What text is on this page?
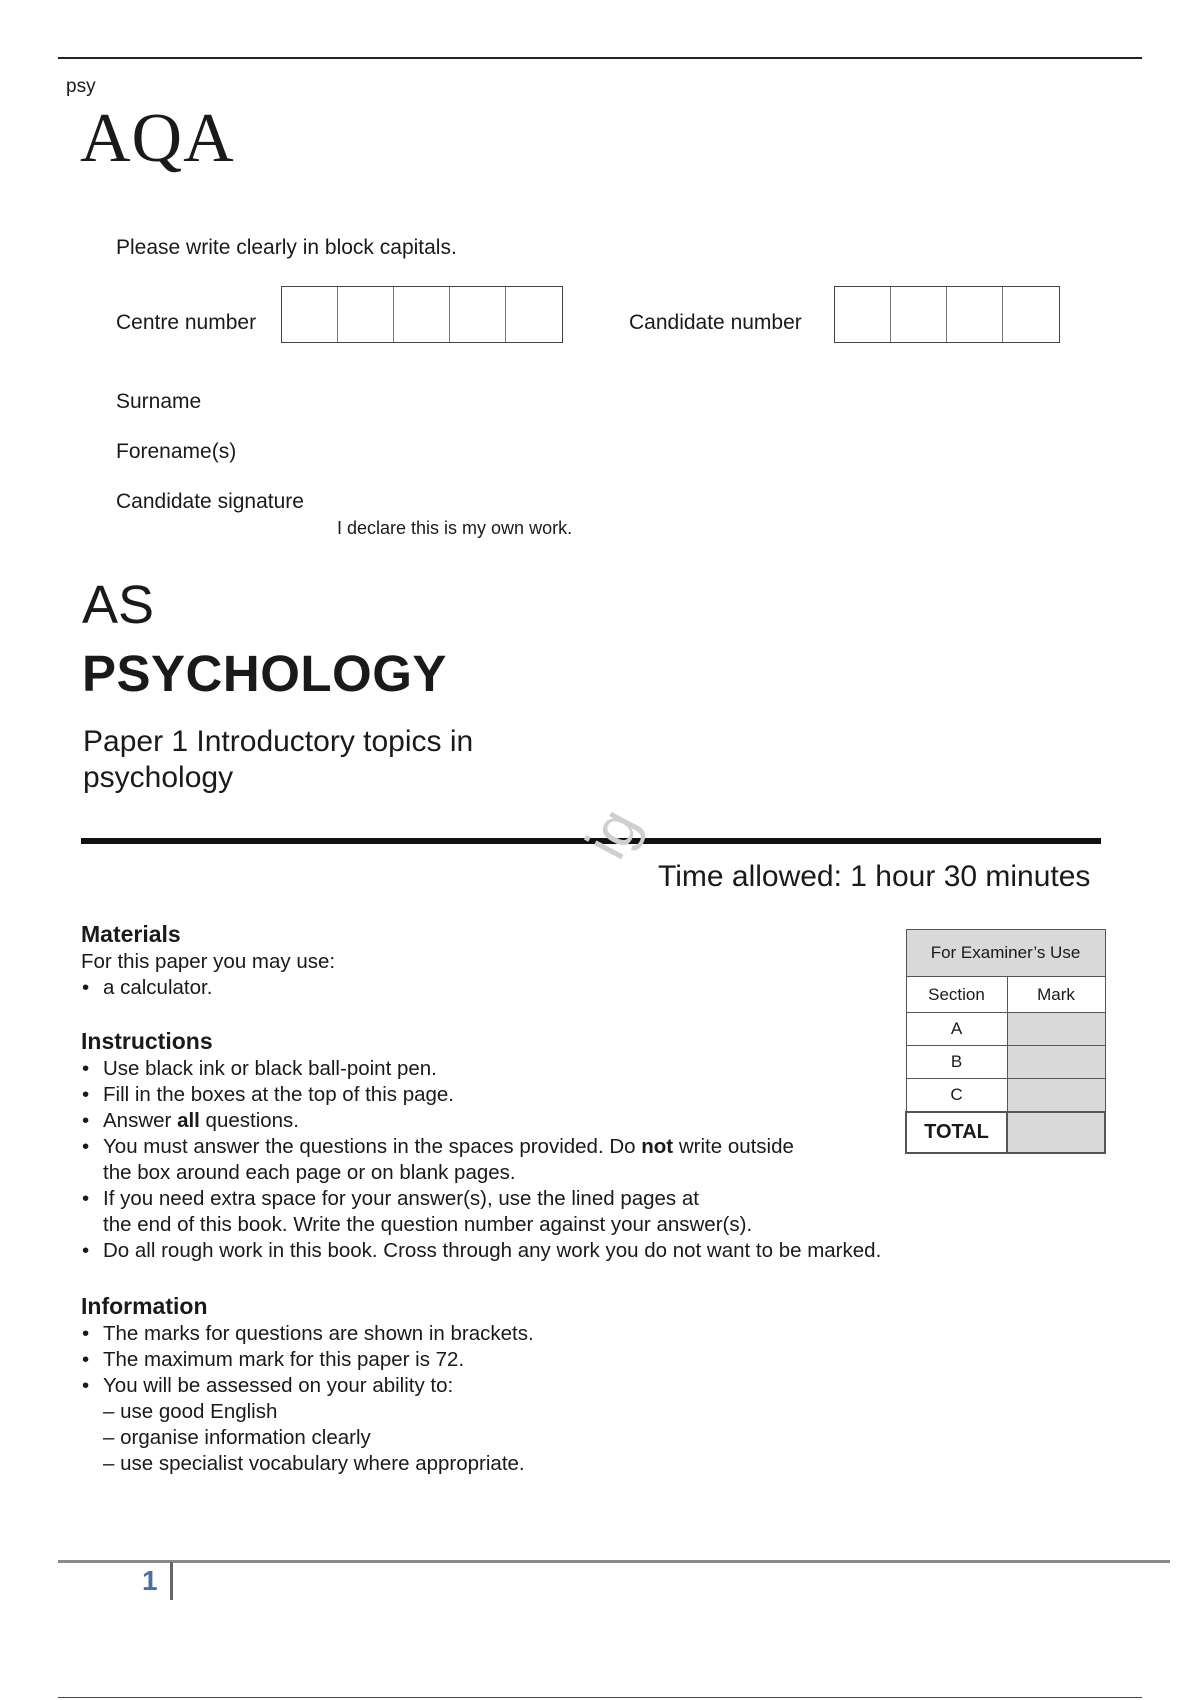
psy
AQA
Please write clearly in block capitals.
Centre number	Candidate number
Surname
Forename(s)
Candidate signature
I declare this is my own work.
AS
PSYCHOLOGY
Paper 1 Introductory topics in
psychology
ig
Time allowed: 1 hour 30 minutes
Materials
For this paper you may use:
• a calculator.
Instructions
• Use black ink or black ball-point pen.
• Fill in the boxes at the top of this page.
• Answer all questions.
• You must answer the questions in the spaces provided. Do not write outside
the box around each page or on blank pages.
• If you need extra space for your answer(s), use the lined pages at
the end of this book. Write the question number against your answer(s).
• Do all rough work in this book. Cross through any work you do not want to be marked.
Information
• The marks for questions are shown in brackets.
• The maximum mark for this paper is 72.
• You will be assessed on your ability to:
– use good English
– organise information clearly
– use specialist vocabulary where appropriate.
For Examiner’s Use	
Section	Mark
A	
B	
C	
TOTAL	
1
